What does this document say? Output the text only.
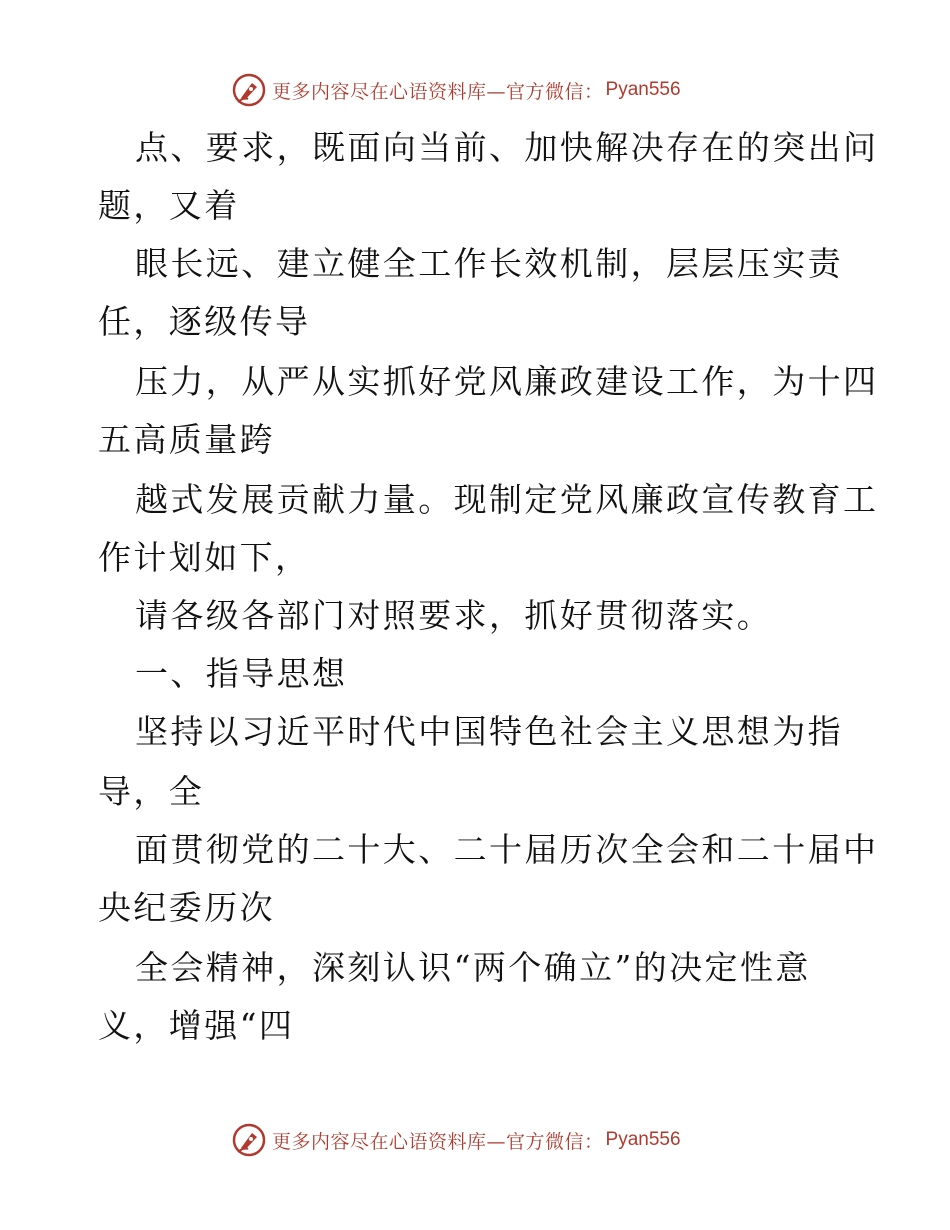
更多内容尽在心语资料库—官方微信： Pyan556
点、要求，既面向当前、加快解决存在的突出问
题，又着
眼长远、建立健全工作长效机制，层层压实责
任，逐级传导
压力，从严从实抓好党风廉政建设工作，为十四
五高质量跨
越式发展贡献力量。现制定党风廉政宣传教育工
作计划如下，
请各级各部门对照要求，抓好贯彻落实。
一、指导思想
坚持以习近平时代中国特色社会主义思想为指
导，全
面贯彻党的二十大、二十届历次全会和二十届中
央纪委历次
全会精神，深刻认识“两个确立”的决定性意
义，增强“四
更多内容尽在心语资料库—官方微信： Pyan556
